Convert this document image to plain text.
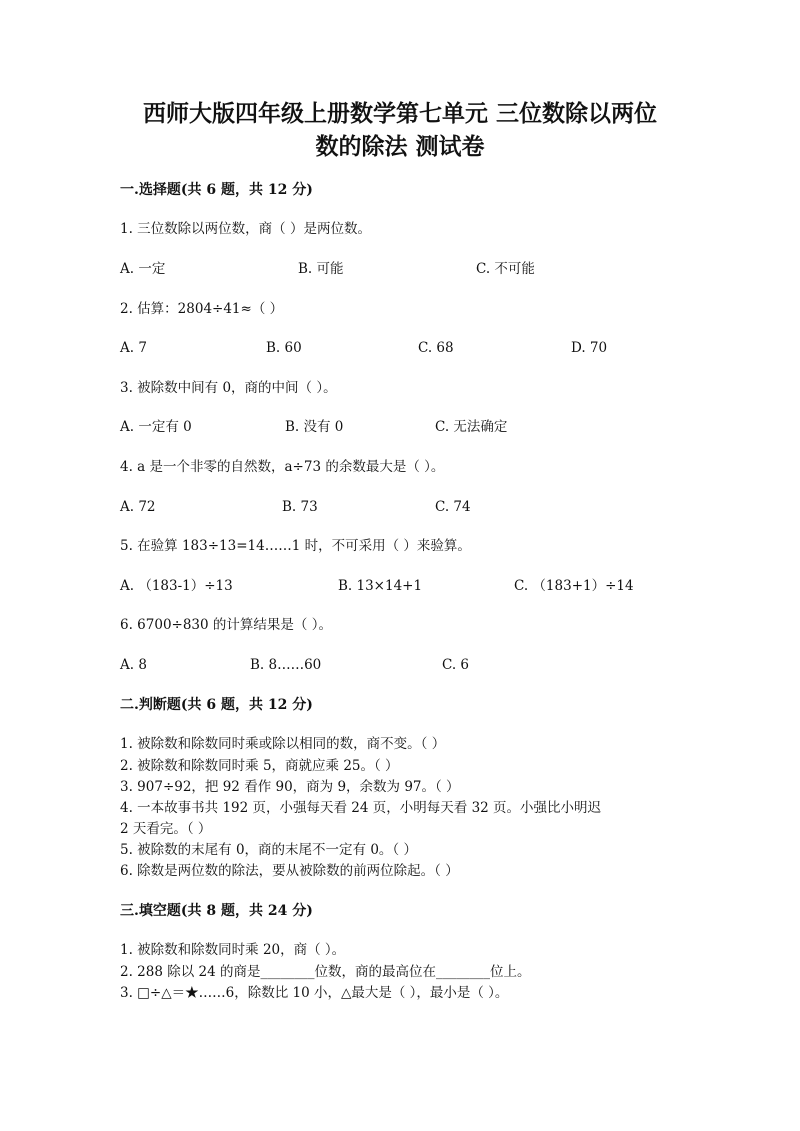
西师大版四年级上册数学第七单元 三位数除以两位
数的除法 测试卷
一.选择题(共 6 题，共 12 分)
1. 三位数除以两位数，商（ ）是两位数。
A. 一定	B. 可能	C. 不可能
2. 估算：2804÷41≈（ ）
A. 7	B. 60	C. 68	D. 70
3. 被除数中间有 0，商的中间（ ）。
A. 一定有 0	B. 没有 0	C. 无法确定
4. a 是一个非零的自然数，a÷73 的余数最大是（ ）。
A. 72	B. 73	C. 74
5. 在验算 183÷13=14……1 时，不可采用（ ）来验算。
A. （183-1）÷13	B. 13×14+1	C. （183+1）÷14
6. 6700÷830 的计算结果是（ ）。
A. 8	B. 8……60	C. 6
二.判断题(共 6 题，共 12 分)
1. 被除数和除数同时乘或除以相同的数，商不变。（ ）
2. 被除数和除数同时乘 5，商就应乘 25。（ ）
3. 907÷92，把 92 看作 90，商为 9，余数为 97。（ ）
4. 一本故事书共 192 页，小强每天看 24 页，小明每天看 32 页。小强比小明迟
2 天看完。（ ）
5. 被除数的末尾有 0，商的末尾不一定有 0。（ ）
6. 除数是两位数的除法，要从被除数的前两位除起。（ ）
三.填空题(共 8 题，共 24 分)
1. 被除数和除数同时乘 20，商（ ）。
2. 288 除以 24 的商是________位数，商的最高位在________位上。
3. □÷△＝★……6，除数比 10 小，△最大是（ ），最小是（ ）。
